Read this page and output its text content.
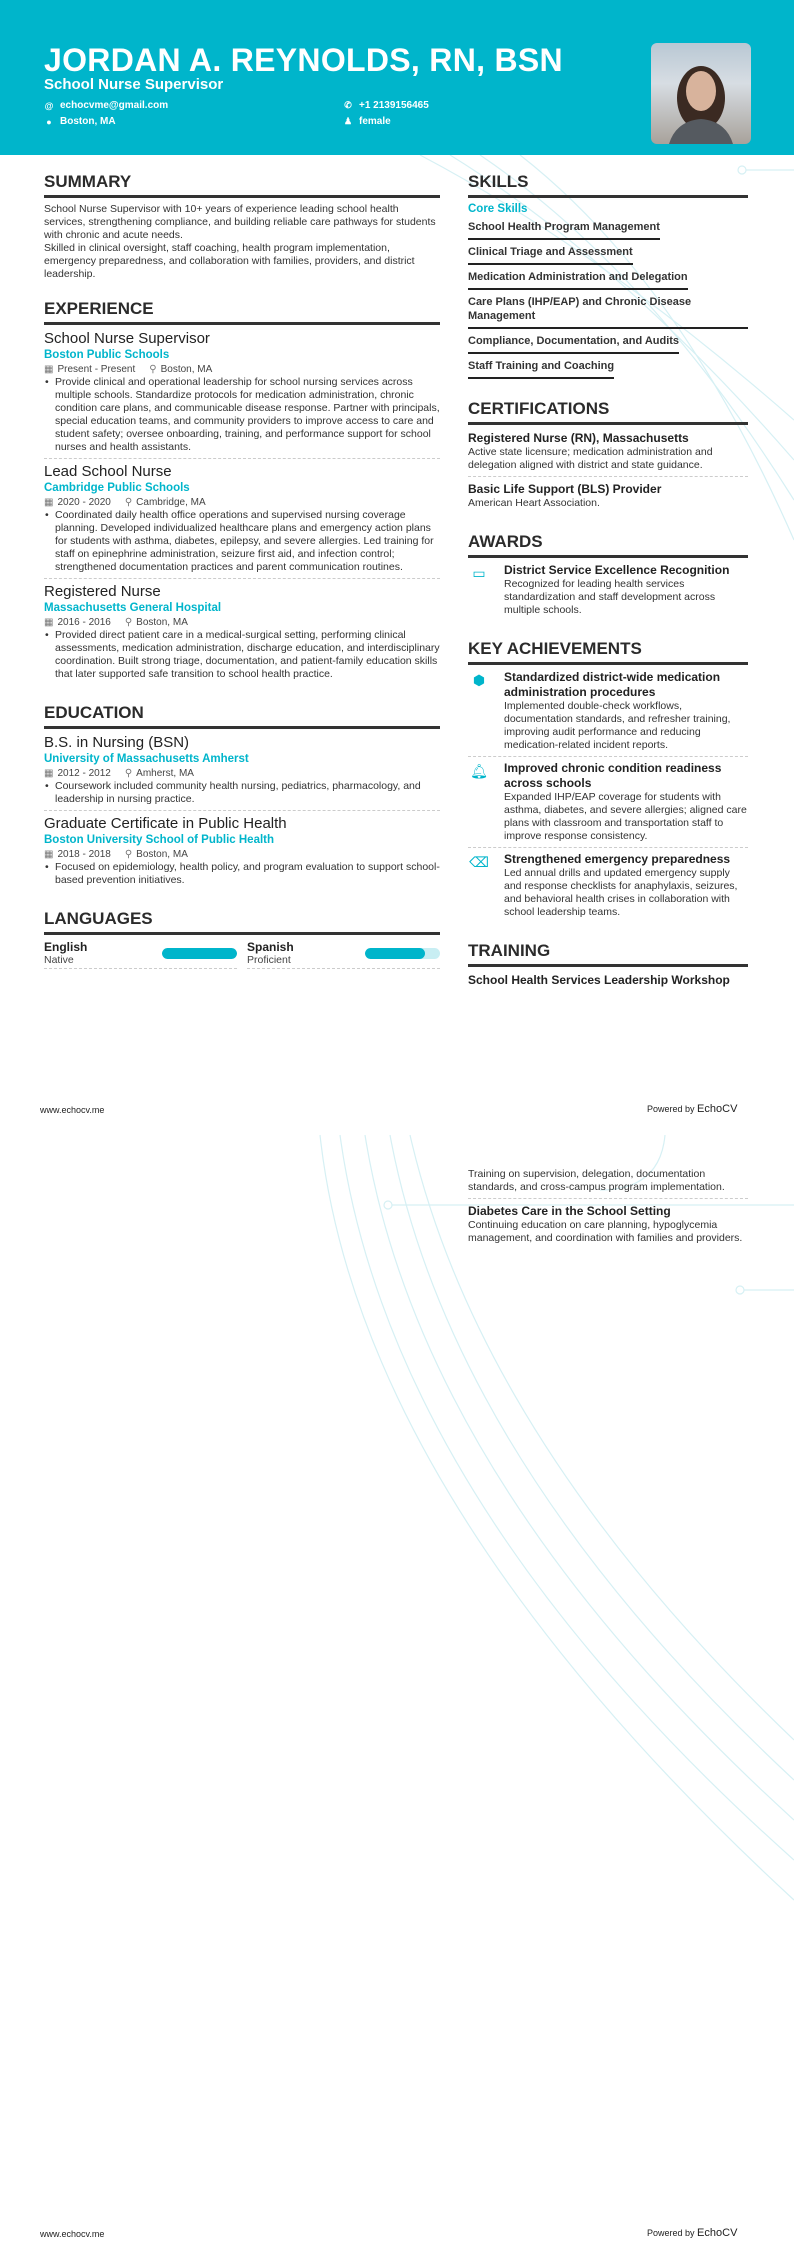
JORDAN A. REYNOLDS, RN, BSN
School Nurse Supervisor
@ echocvme@gmail.com
● Boston, MA
✆ +1 2139156465
♟ female
SUMMARY

School Nurse Supervisor with 10+ years of experience leading school health services, strengthening compliance, and building reliable care pathways for students with chronic and acute needs.

Skilled in clinical oversight, staff coaching, health program implementation, emergency preparedness, and collaboration with families, providers, and district leadership.

EXPERIENCE
School Nurse Supervisor
Boston Public Schools
▦ Present - Present ⚲ Boston, MA
• Provide clinical and operational leadership for school nursing services across multiple schools. Standardize protocols for medication administration, chronic condition care plans, and communicable disease response. Partner with principals, special education teams, and community providers to improve access to care and student safety; oversee onboarding, training, and performance support for school nurses and health assistants.
Lead School Nurse
Cambridge Public Schools
▦ 2020 - 2020 ⚲ Cambridge, MA
• Coordinated daily health office operations and supervised nursing coverage planning. Developed individualized healthcare plans and emergency action plans for students with asthma, diabetes, epilepsy, and severe allergies. Led training for staff on epinephrine administration, seizure first aid, and infection control; strengthened documentation practices and parent communication routines.
Registered Nurse
Massachusetts General Hospital
▦ 2016 - 2016 ⚲ Boston, MA
• Provided direct patient care in a medical-surgical setting, performing clinical assessments, medication administration, discharge education, and interdisciplinary coordination. Built strong triage, documentation, and patient-family education skills that later supported safe transition to school health practice.
EDUCATION
B.S. in Nursing (BSN)
University of Massachusetts Amherst
▦ 2012 - 2012 ⚲ Amherst, MA
• Coursework included community health nursing, pediatrics, pharmacology, and leadership in nursing practice.
Graduate Certificate in Public Health
Boston University School of Public Health
▦ 2018 - 2018 ⚲ Boston, MA
• Focused on epidemiology, health policy, and program evaluation to support school-based prevention initiatives.
LANGUAGES
English
Native
Spanish
Proficient
SKILLS
Core Skills
School Health Program Management
Clinical Triage and Assessment
Medication Administration and Delegation
Care Plans (IHP/EAP) and Chronic Disease Management
Compliance, Documentation, and Audits
Staff Training and Coaching
CERTIFICATIONS
Registered Nurse (RN), Massachusetts

Active state licensure; medication administration and delegation aligned with district and state guidance.

Basic Life Support (BLS) Provider

American Heart Association.

AWARDS
▭	District Service Excellence Recognition

Recognized for leading health services standardization and staff development across multiple schools.

KEY ACHIEVEMENTS
⬢	Standardized district-wide medication administration procedures

Implemented double-check workflows, documentation standards, and refresher training, improving audit performance and reducing medication-related incident reports.

🔔︎ Improved chronic condition readiness across schools

Expanded IHP/EAP coverage for students with asthma, diabetes, and severe allergies; aligned care plans with classroom and transportation staff to improve response consistency.

⌫ Strengthened emergency preparedness

Led annual drills and updated emergency supply and response checklists for anaphylaxis, seizures, and behavioral health crises in collaboration with school leadership teams.

TRAINING
School Health Services Leadership Workshop

Training on supervision, delegation, documentation standards, and cross-campus program implementation.

Diabetes Care in the School Setting

Continuing education on care planning, hypoglycemia management, and coordination with families and providers.

www.echocv.me	Powered by EchoCV
www.echocv.me	Powered by EchoCV
